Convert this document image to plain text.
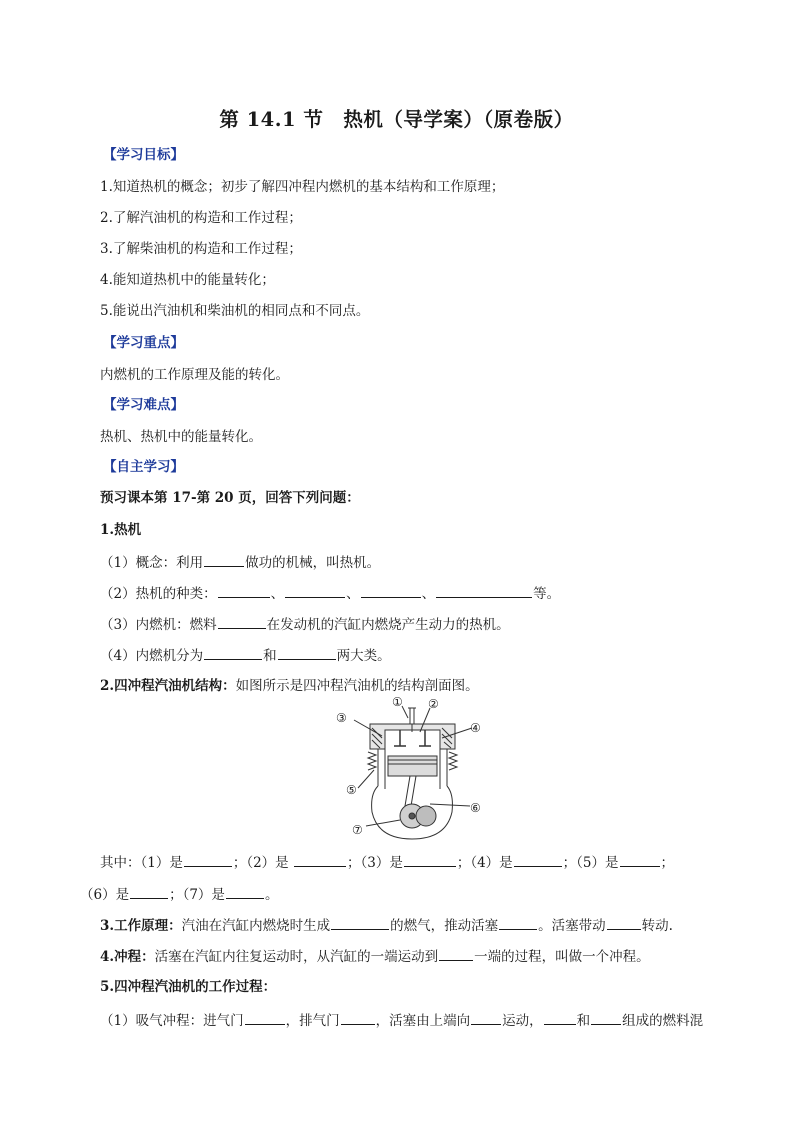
第 14.1 节　热机（导学案）（原卷版）
【学习目标】
1.知道热机的概念；初步了解四冲程内燃机的基本结构和工作原理；
2.了解汽油机的构造和工作过程；
3.了解柴油机的构造和工作过程；
4.能知道热机中的能量转化；
5.能说出汽油机和柴油机的相同点和不同点。
【学习重点】
内燃机的工作原理及能的转化。
【学习难点】
热机、热机中的能量转化。
【自主学习】
预习课本第 17-第 20 页，回答下列问题：
1.热机
（1）概念：利用	做功的机械，叫热机。
（2）热机的种类：	、	、	、	等。
（3）内燃机：燃料	在发动机的汽缸内燃烧产生动力的热机。
（4）内燃机分为	和	两大类。
2.四冲程汽油机结构：如图所示是四冲程汽油机的结构剖面图。
① ②
③
④
⑤
⑥
⑦
其中：（1）是	；（2）是	；（3）是	；（4）是	；（5）是	；
（6）是	；（7）是	。
3.工作原理：汽油在汽缸内燃烧时生成	的燃气，推动活塞	。活塞带动	转动.
4.冲程：活塞在汽缸内往复运动时，从汽缸的一端运动到	一端的过程，叫做一个冲程。
5.四冲程汽油机的工作过程：
（1）吸气冲程：进气门	，排气门	，活塞由上端向 运动，	和 组成的燃料混
